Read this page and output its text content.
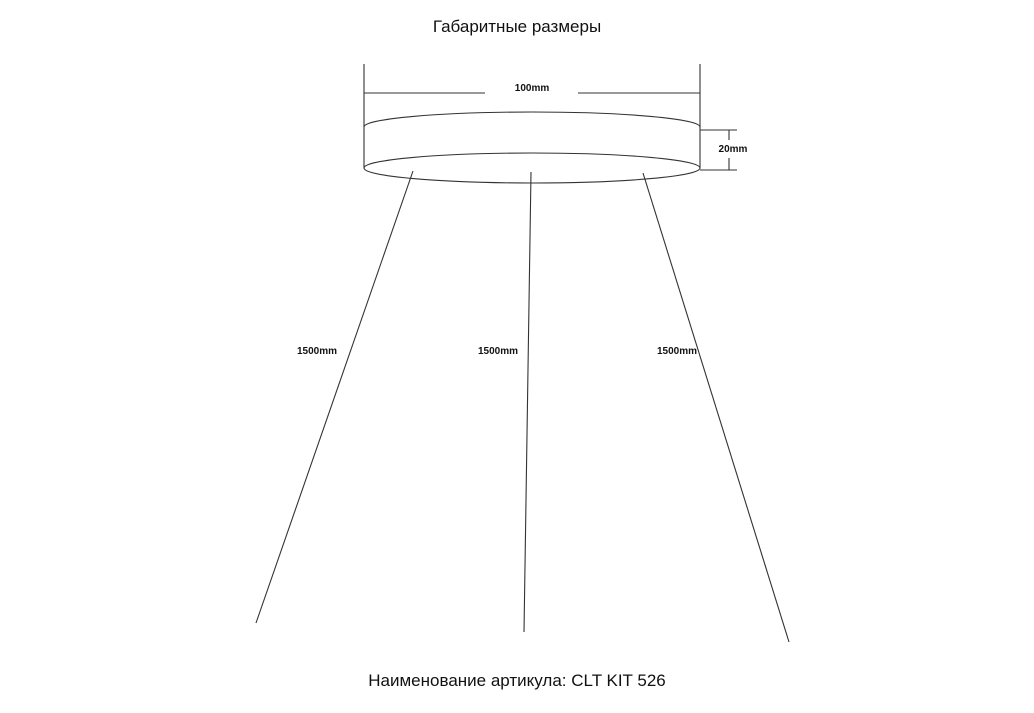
Габаритные размеры
100mm
20mm
1500mm	1500mm	1500mm
Наименование артикула: CLT KIT 526
